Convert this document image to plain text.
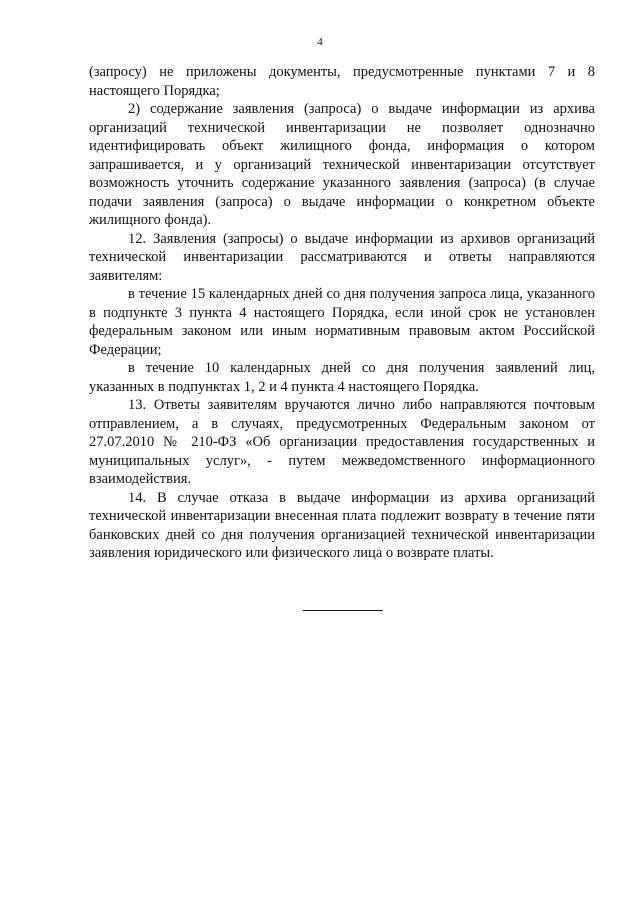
4

(запросу) не приложены документы, предусмотренные пунктами 7 и 8 настоящего Порядка;

2) содержание заявления (запроса) о выдаче информации из архива организаций технической инвентаризации не позволяет однозначно идентифицировать объект жилищного фонда, информация о котором запрашивается, и у организаций технической инвентаризации отсутствует возможность уточнить содержание указанного заявления (запроса) (в случае подачи заявления (запроса) о выдаче информации о конкретном объекте жилищного фонда).

12. Заявления (запросы) о выдаче информации из архивов организаций технической инвентаризации рассматриваются и ответы направляются заявителям:

в течение 15 календарных дней со дня получения запроса лица, указанного в подпункте 3 пункта 4 настоящего Порядка, если иной срок не установлен федеральным законом или иным нормативным правовым актом Российской Федерации;

в течение 10 календарных дней со дня получения заявлений лиц, указанных в подпунктах 1, 2 и 4 пункта 4 настоящего Порядка.

13. Ответы заявителям вручаются лично либо направляются почтовым отправлением, а в случаях, предусмотренных Федеральным законом от 27.07.2010 № 210-ФЗ «Об организации предоставления государственных и муниципальных услуг», - путем межведомственного информационного взаимодействия.

14. В случае отказа в выдаче информации из архива организаций технической инвентаризации внесенная плата подлежит возврату в течение пяти банковских дней со дня получения организацией технической инвентаризации заявления юридического или физического лица о возврате платы.
